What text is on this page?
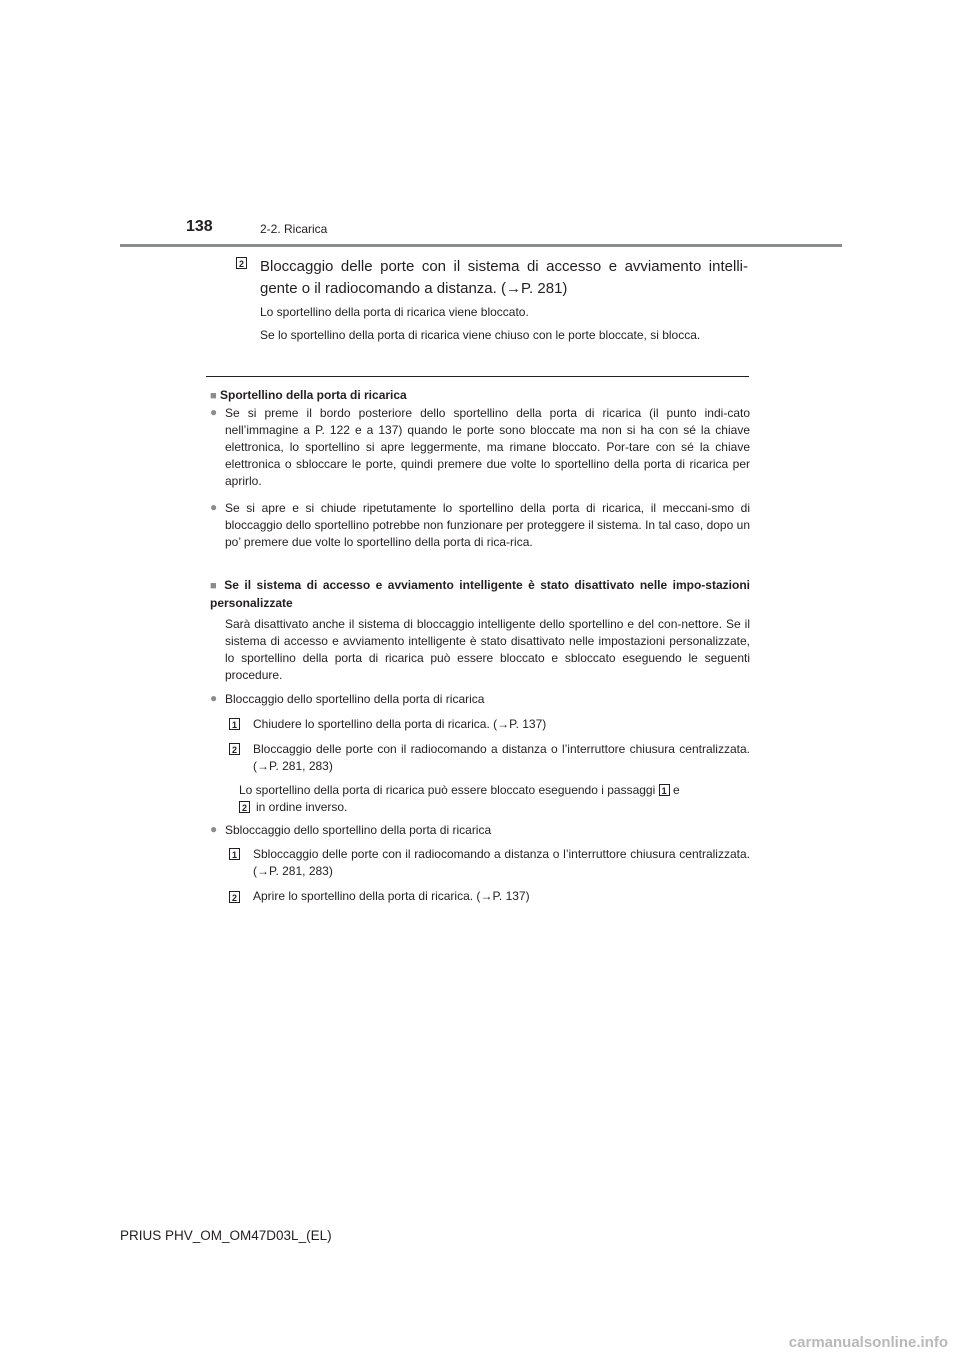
138	2-2. Ricarica
2 Bloccaggio delle porte con il sistema di accesso e avviamento intelli-gente o il radiocomando a distanza. (→P. 281)
Lo sportellino della porta di ricarica viene bloccato.
Se lo sportellino della porta di ricarica viene chiuso con le porte bloccate, si blocca.
■ Sportellino della porta di ricarica
● Se si preme il bordo posteriore dello sportellino della porta di ricarica (il punto indi-cato nell’immagine a P. 122 e a 137) quando le porte sono bloccate ma non si ha con sé la chiave elettronica, lo sportellino si apre leggermente, ma rimane bloccato. Por-tare con sé la chiave elettronica o sbloccare le porte, quindi premere due volte lo sportellino della porta di ricarica per aprirlo.
● Se si apre e si chiude ripetutamente lo sportellino della porta di ricarica, il meccani-smo di bloccaggio dello sportellino potrebbe non funzionare per proteggere il sistema. In tal caso, dopo un po’ premere due volte lo sportellino della porta di rica-rica.
■ Se il sistema di accesso e avviamento intelligente è stato disattivato nelle impo-stazioni personalizzate
Sarà disattivato anche il sistema di bloccaggio intelligente dello sportellino e del con-nettore. Se il sistema di accesso e avviamento intelligente è stato disattivato nelle impostazioni personalizzate, lo sportellino della porta di ricarica può essere bloccato e sbloccato eseguendo le seguenti procedure.
● Bloccaggio dello sportellino della porta di ricarica
1 Chiudere lo sportellino della porta di ricarica. (→P. 137)
2 Bloccaggio delle porte con il radiocomando a distanza o l’interruttore chiusura centralizzata. (→P. 281, 283)
Lo sportellino della porta di ricarica può essere bloccato eseguendo i passaggi 1 e
2 in ordine inverso.
● Sbloccaggio dello sportellino della porta di ricarica
1 Sbloccaggio delle porte con il radiocomando a distanza o l’interruttore chiusura centralizzata. (→P. 281, 283)
2 Aprire lo sportellino della porta di ricarica. (→P. 137)
PRIUS PHV_OM_OM47D03L_(EL)
carmanualsonline.info
